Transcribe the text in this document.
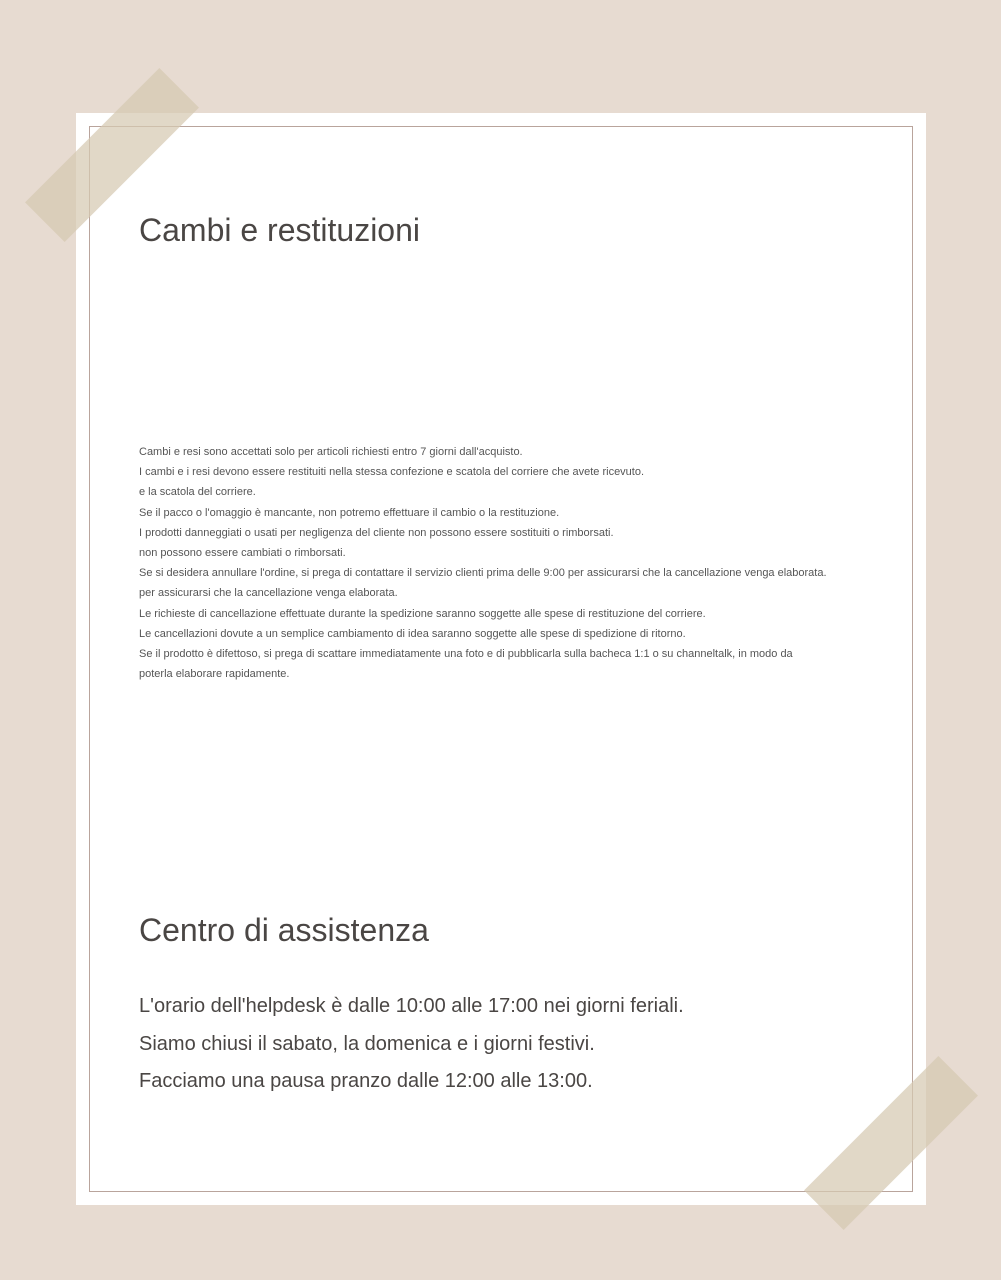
Cambi e restituzioni
Cambi e resi sono accettati solo per articoli richiesti entro 7 giorni dall'acquisto.
I cambi e i resi devono essere restituiti nella stessa confezione e scatola del corriere che avete ricevuto.
e la scatola del corriere.
Se il pacco o l'omaggio è mancante, non potremo effettuare il cambio o la restituzione.
I prodotti danneggiati o usati per negligenza del cliente non possono essere sostituiti o rimborsati.
non possono essere cambiati o rimborsati.
Se si desidera annullare l'ordine, si prega di contattare il servizio clienti prima delle 9:00 per assicurarsi che la cancellazione venga elaborata.
per assicurarsi che la cancellazione venga elaborata.
Le richieste di cancellazione effettuate durante la spedizione saranno soggette alle spese di restituzione del corriere.
Le cancellazioni dovute a un semplice cambiamento di idea saranno soggette alle spese di spedizione di ritorno.
Se il prodotto è difettoso, si prega di scattare immediatamente una foto e di pubblicarla sulla bacheca 1:1 o su channeltalk, in modo da
poterla elaborare rapidamente.
Centro di assistenza
L'orario dell'helpdesk è dalle 10:00 alle 17:00 nei giorni feriali.
Siamo chiusi il sabato, la domenica e i giorni festivi.
Facciamo una pausa pranzo dalle 12:00 alle 13:00.
